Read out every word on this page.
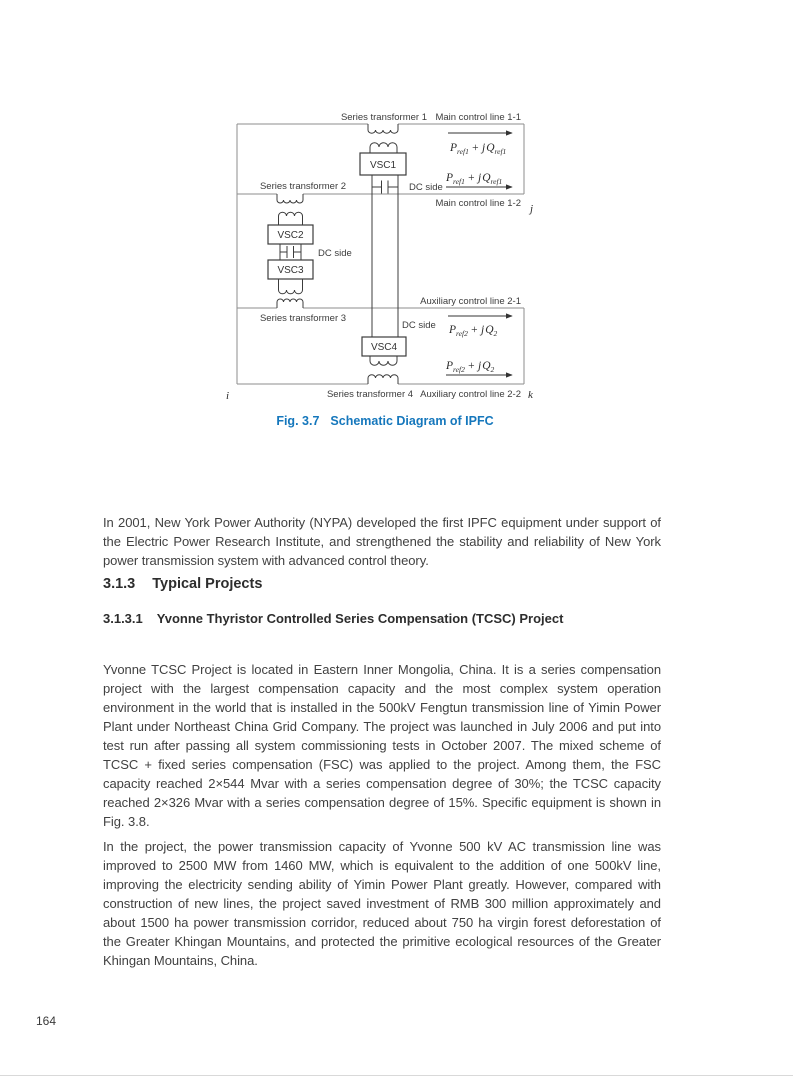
VSC1
DC side
VSC2
DC side
VSC3
VSC4
DC side
$P_{ref1} + jQ_{ref1}$
$P_{ref1} + jQ_{ref1}$
$P_{ref2} + jQ_2$
$P_{ref2} + jQ_2$
Series transformer 1 Main control line 1-1
Series transformer 2
Main control line 1-2
Auxiliary control line 2-1
Series transformer 3
Series transformer 4 Auxiliary control line 2-2
i
j
k
Fig. 3.7 Schematic Diagram of IPFC

In 2001, New York Power Authority (NYPA) developed the first IPFC equipment under support of the Electric Power Research Institute, and strengthened the stability and reliability of New York power transmission system with advanced control theory.

3.1.3 Typical Projects
3.1.3.1 Yvonne Thyristor Controlled Series Compensation (TCSC) Project

Yvonne TCSC Project is located in Eastern Inner Mongolia, China. It is a series compensation project with the largest compensation capacity and the most complex system operation environment in the world that is installed in the 500kV Fengtun transmission line of Yimin Power Plant under Northeast China Grid Company. The project was launched in July 2006 and put into test run after passing all system commissioning tests in October 2007. The mixed scheme of TCSC + fixed series compensation (FSC) was applied to the project. Among them, the FSC capacity reached 2×544 Mvar with a series compensation degree of 30%; the TCSC capacity reached 2×326 Mvar with a series compensation degree of 15%. Specific equipment is shown in Fig. 3.8.

In the project, the power transmission capacity of Yvonne 500 kV AC transmission line was improved to 2500 MW from 1460 MW, which is equivalent to the addition of one 500kV line, improving the electricity sending ability of Yimin Power Plant greatly. However, compared with construction of new lines, the project saved investment of RMB 300 million approximately and about 1500 ha power transmission corridor, reduced about 750 ha virgin forest deforestation of the Greater Khingan Mountains, and protected the primitive ecological resources of the Greater Khingan Mountains, China.

164
